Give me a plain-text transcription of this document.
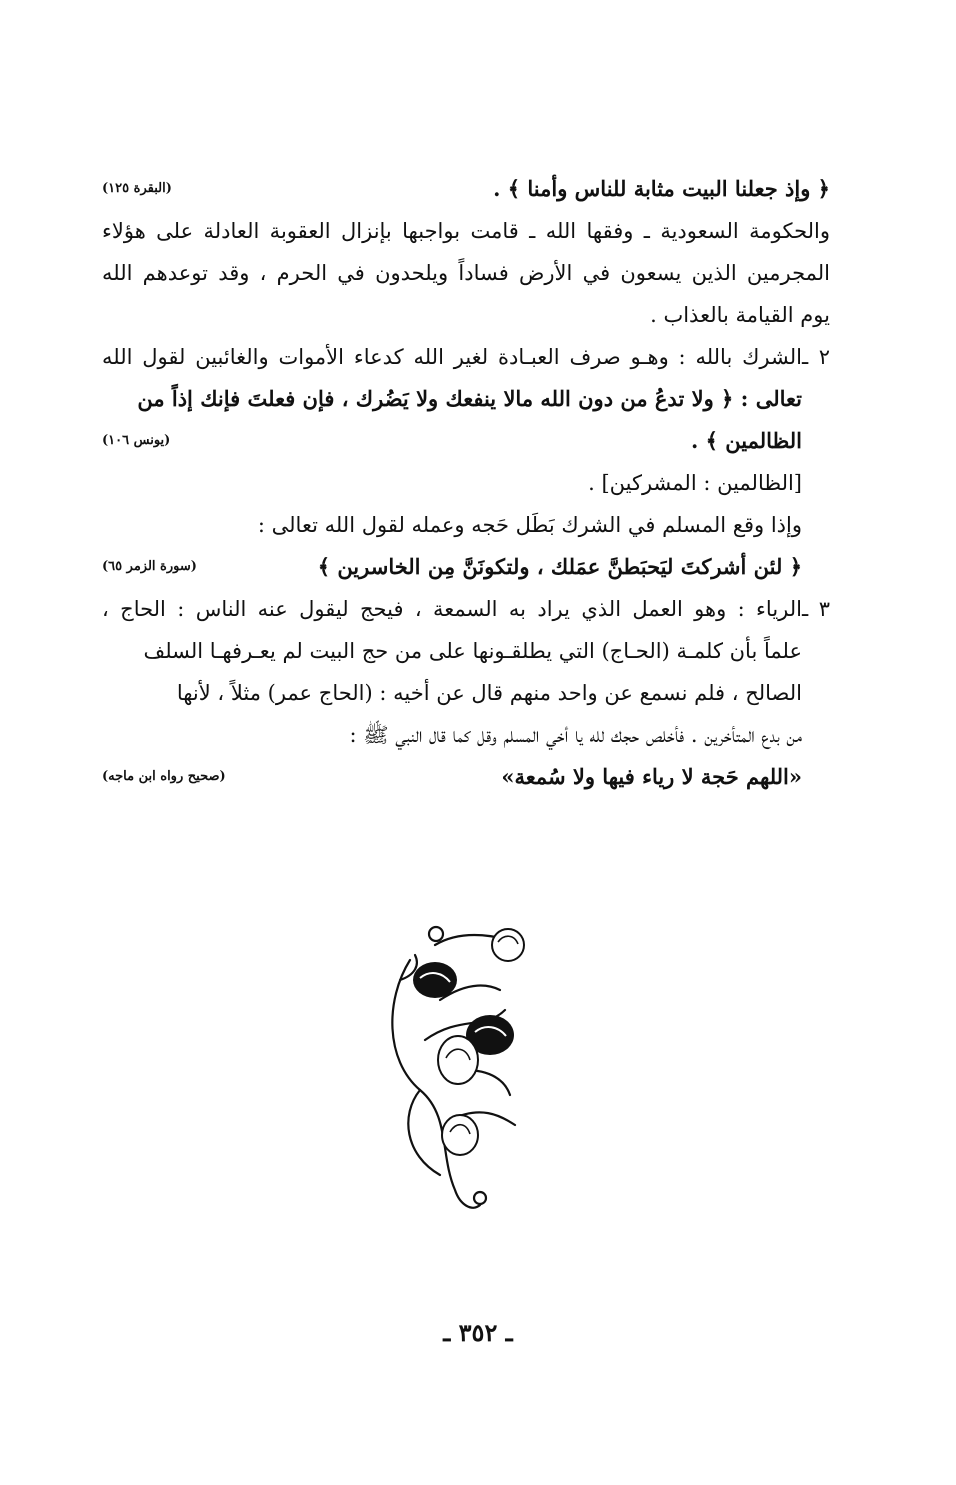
﴿ وإذ جعلنا البيت مثابة للناس وأمنا ﴾ .
(البقرة ١٢٥)
والحكومة السعودية ـ وفقها الله ـ قامت بواجبها بإنزال العقوبة العادلة على هؤلاء
المجرمين الذين يسعون في الأرض فساداً ويلحدون في الحرم ، وقد توعدهم الله
يوم القيامة بالعذاب .
٢ ـالشرك بالله : وهـو صرف العبـادة لغير الله كدعاء الأموات والغائبين لقول الله
تعالى : ﴿ ولا تدعُ من دون الله مالا ينفعك ولا يَضُرك ، فإن فعلتَ فإنك إذاً من
الظالمين ﴾ .
(يونس ١٠٦)
[الظالمين : المشركين] .
وإذا وقع المسلم في الشرك بَطَل حَجه وعمله لقول الله تعالى :
﴿ لئن أشركتَ ليَحبَطنَّ عمَلك ، ولتكونَنَّ مِن الخاسرين ﴾
(سورة الزمر ٦٥)
٣ ـالرياء : وهو العمل الذي يراد به السمعة ، فيحج ليقول عنه الناس : الحاج ،
علماً بأن كلمـة (الحـاج) التي يطلقـونها على من حج البيت لم يعـرفهـا السلف
الصالح ، فلم نسمع عن واحد منهم قال عن أخيه : (الحاج عمر) مثلاً ، لأنها
من بدع المتأخرين . فأخلص حجك لله يا أخي المسلم وقل كما قال النبي ﷺ :
«اللهم حَجة لا رياء فيها ولا سُمعة»
(صحيح رواه ابن ماجه)
ـ ٣٥٢ ـ
